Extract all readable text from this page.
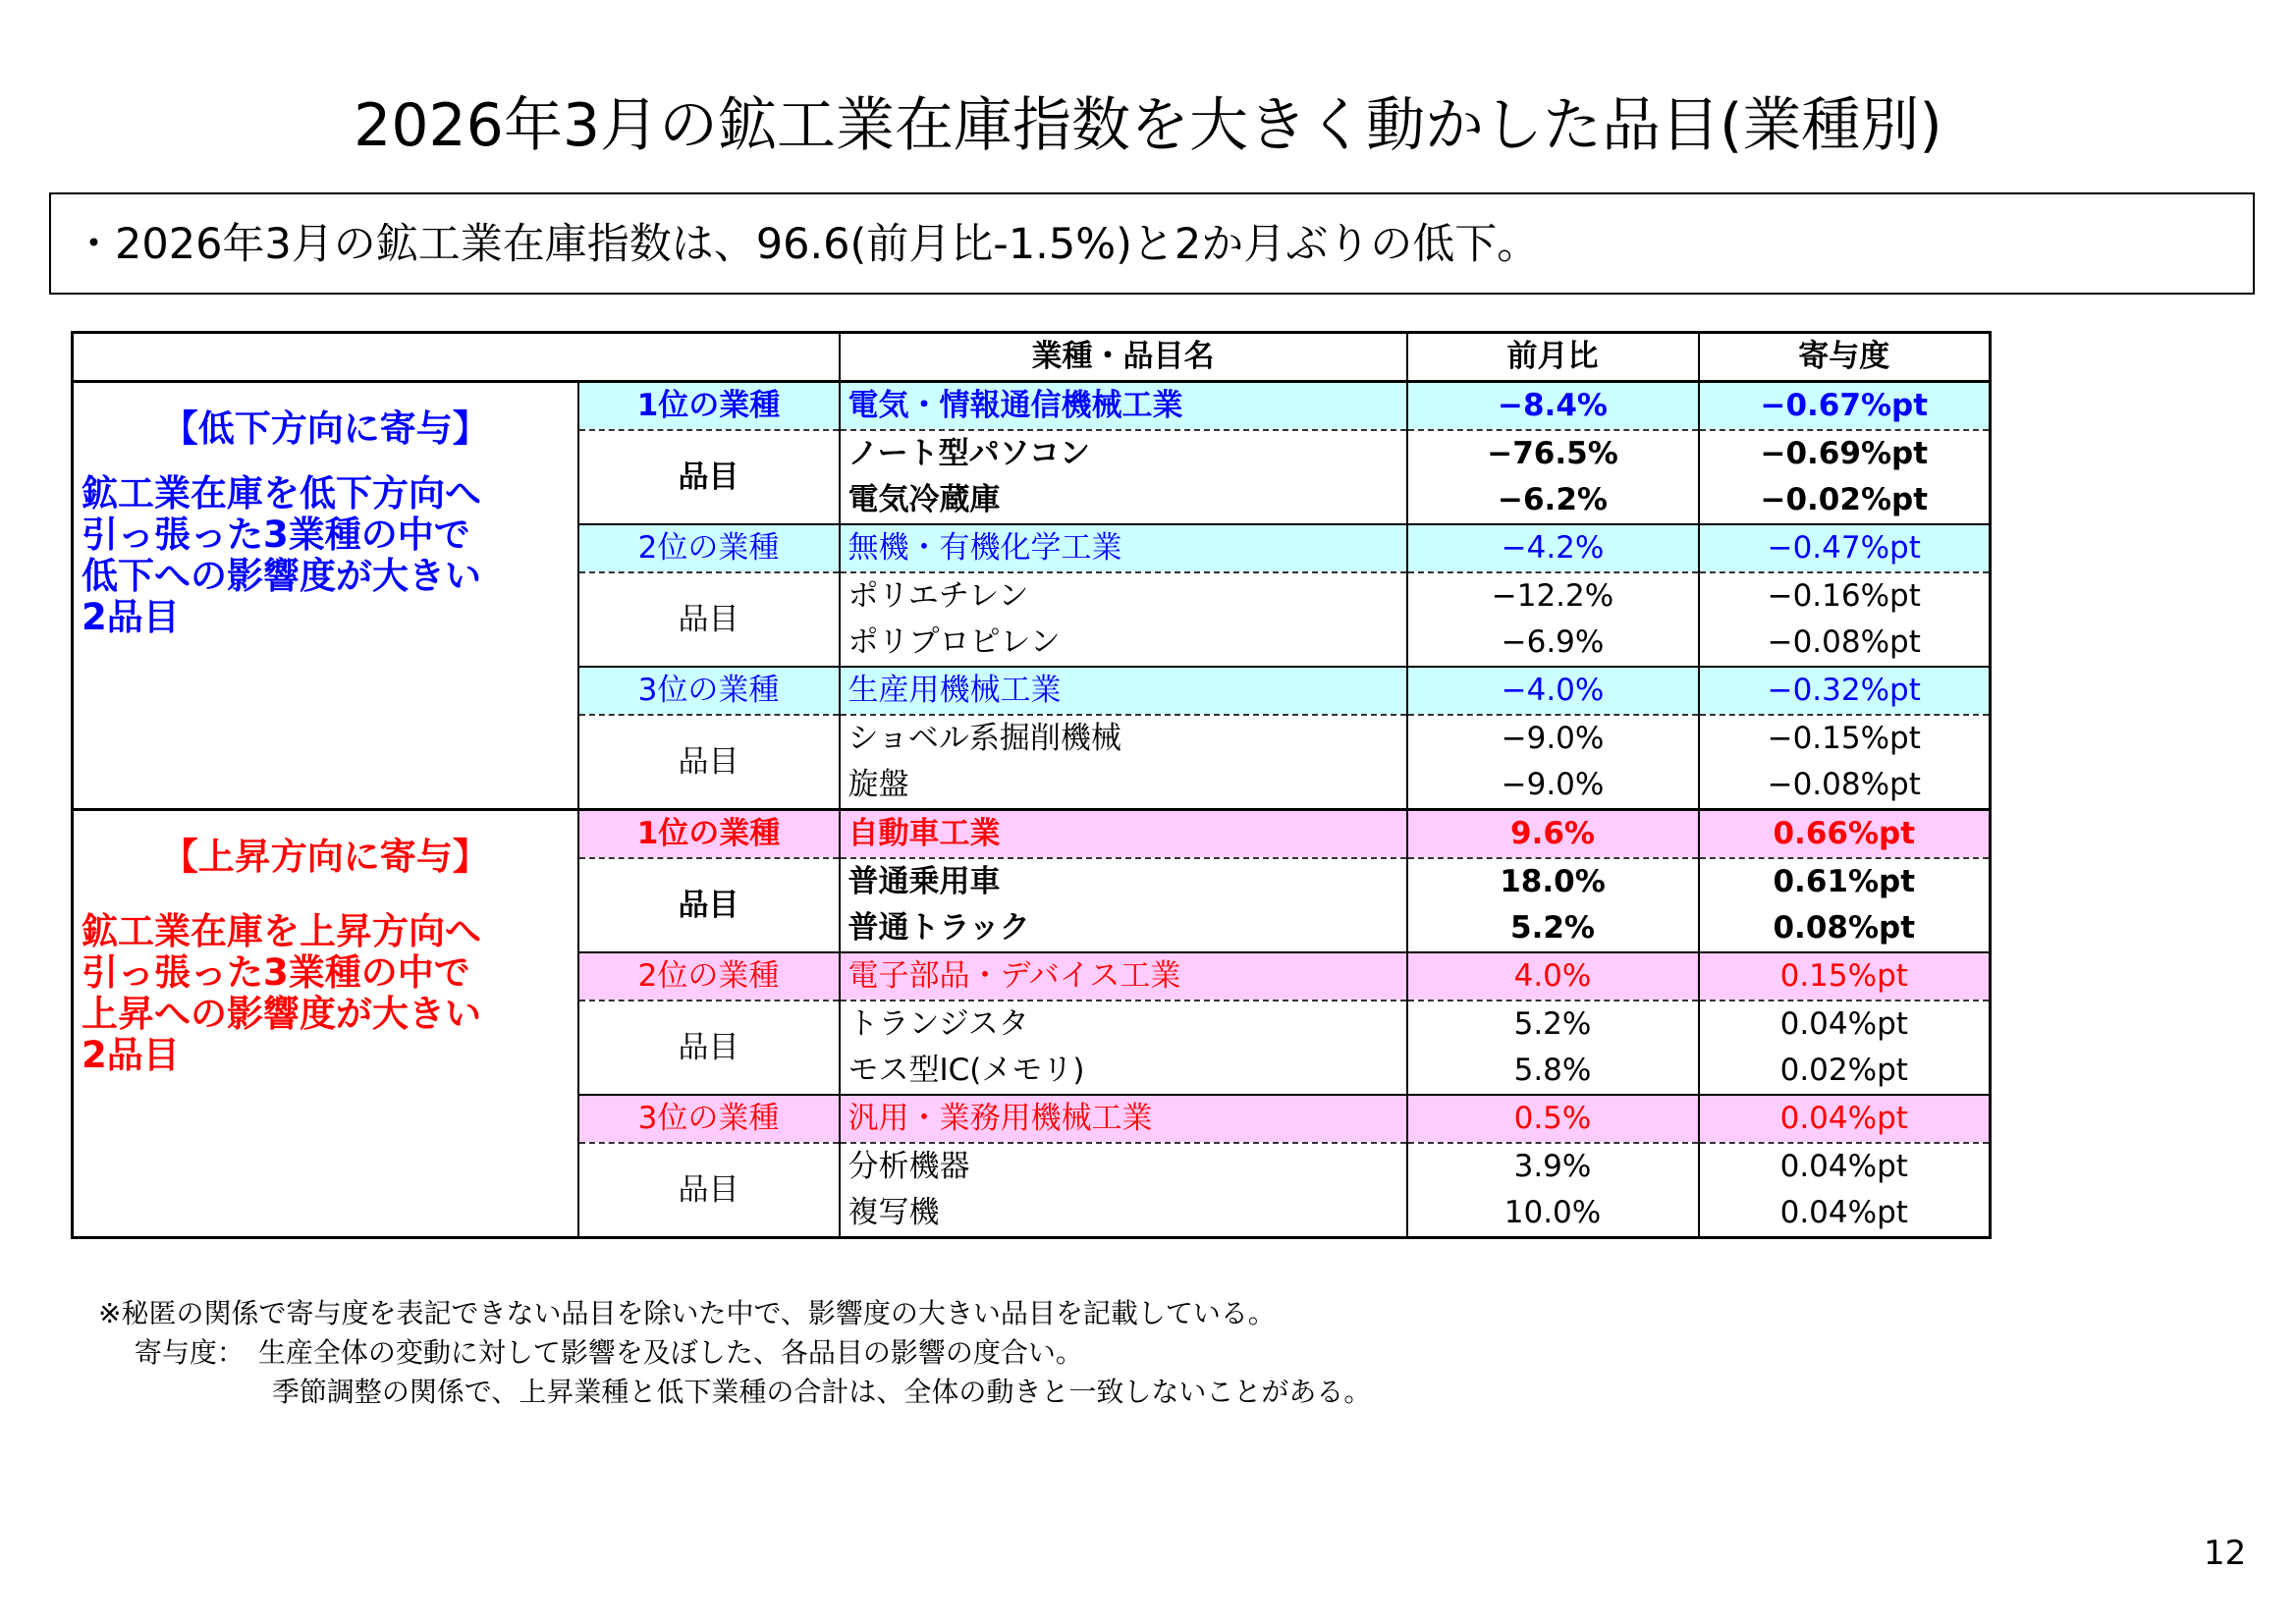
2026年3月の鉱工業在庫指数を大きく動かした品目(業種別)
・2026年3月の鉱工業在庫指数は、96.6(前月比-1.5%)と2か月ぶりの低下。
		業種・品目名	前月比	寄与度

【低下方向に寄与】
鉱工業在庫を低下方向へ
引っ張った3業種の中で
低下への影響度が大きい
2品目	1位の業種	電気・情報通信機械工業	−8.4%	−0.67%pt
	品目	ノート型パソコン	−76.5%	−0.69%pt
		電気冷蔵庫	−6.2%	−0.02%pt
	2位の業種	無機・有機化学工業	−4.2%	−0.47%pt
	品目	ポリエチレン	−12.2%	−0.16%pt
		ポリプロピレン	−6.9%	−0.08%pt
	3位の業種	生産用機械工業	−4.0%	−0.32%pt
	品目	ショベル系掘削機械	−9.0%	−0.15%pt
		旋盤	−9.0%	−0.08%pt

【上昇方向に寄与】
鉱工業在庫を上昇方向へ
引っ張った3業種の中で
上昇への影響度が大きい
2品目	1位の業種	自動車工業	9.6%	0.66%pt
	品目	普通乗用車	18.0%	0.61%pt
		普通トラック	5.2%	0.08%pt
	2位の業種	電子部品・デバイス工業	4.0%	0.15%pt
	品目	トランジスタ	5.2%	0.04%pt
		モス型IC(メモリ)	5.8%	0.02%pt
	3位の業種	汎用・業務用機械工業	0.5%	0.04%pt
	品目	分析機器	3.9%	0.04%pt
		複写機	10.0%	0.04%pt
※秘匿の関係で寄与度を表記できない品目を除いた中で、影響度の大きい品目を記載している。
　 寄与度：　生産全体の変動に対して影響を及ぼした、各品目の影響の度合い。
　　　　　　 季節調整の関係で、上昇業種と低下業種の合計は、全体の動きと一致しないことがある。
12
